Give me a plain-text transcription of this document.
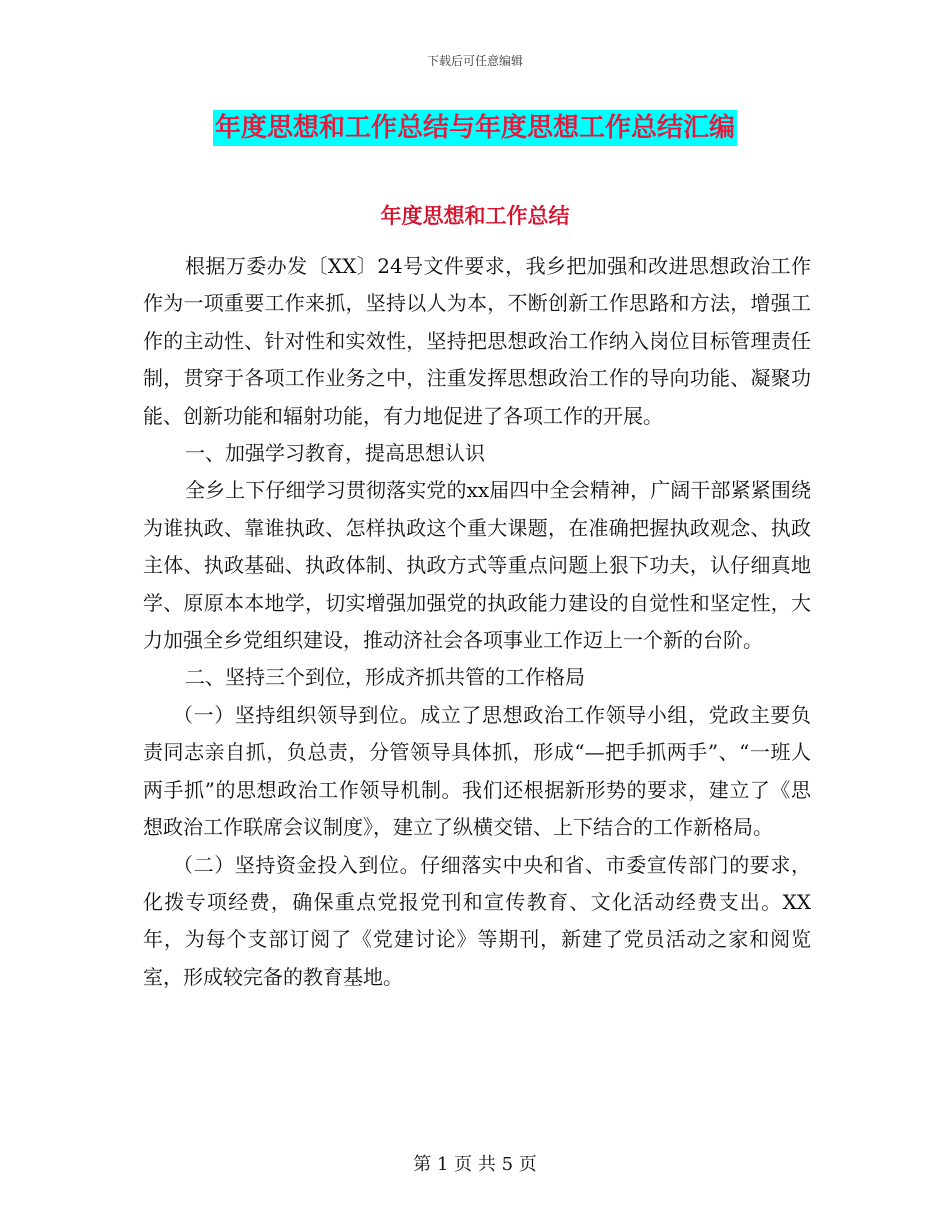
下载后可任意编辑
年度思想和工作总结与年度思想工作总结汇编
年度思想和工作总结

根据万委办发〔XX〕24号文件要求，我乡把加强和改进思想政治工作作为一项重要工作来抓，坚持以人为本，不断创新工作思路和方法，增强工作的主动性、针对性和实效性，坚持把思想政治工作纳入岗位目标管理责任制，贯穿于各项工作业务之中，注重发挥思想政治工作的导向功能、凝聚功能、创新功能和辐射功能，有力地促进了各项工作的开展。

一、加强学习教育，提高思想认识

全乡上下仔细学习贯彻落实党的xx届四中全会精神，广阔干部紧紧围绕为谁执政、靠谁执政、怎样执政这个重大课题，在准确把握执政观念、执政主体、执政基础、执政体制、执政方式等重点问题上狠下功夫，认仔细真地学、原原本本地学，切实增强加强党的执政能力建设的自觉性和坚定性，大力加强全乡党组织建设，推动济社会各项事业工作迈上一个新的台阶。

二、坚持三个到位，形成齐抓共管的工作格局

（一）坚持组织领导到位。成立了思想政治工作领导小组，党政主要负责同志亲自抓，负总责，分管领导具体抓，形成“—把手抓两手”、“一班人两手抓”的思想政治工作领导机制。我们还根据新形势的要求，建立了《思想政治工作联席会议制度》，建立了纵横交错、上下结合的工作新格局。

（二）坚持资金投入到位。仔细落实中央和省、市委宣传部门的要求，化拨专项经费，确保重点党报党刊和宣传教育、文化活动经费支出。XX年，为每个支部订阅了《党建讨论》等期刊，新建了党员活动之家和阅览室，形成较完备的教育基地。

第 1 页 共 5 页
